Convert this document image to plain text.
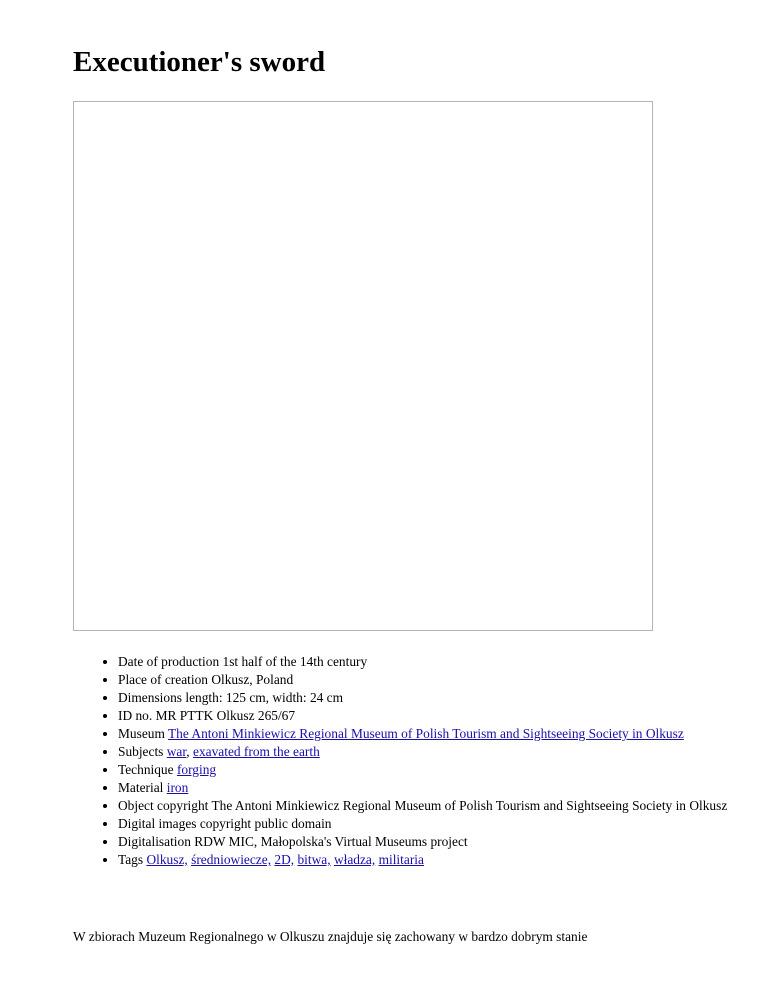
Executioner's sword
• Date of production 1st half of the 14th century
• Place of creation Olkusz, Poland
• Dimensions length: 125 cm, width: 24 cm
• ID no. MR PTTK Olkusz 265/67
• Museum The Antoni Minkiewicz Regional Museum of Polish Tourism and Sightseeing Society in Olkusz
• Subjects war, exavated from the earth
• Technique forging
• Material iron
• Object copyright The Antoni Minkiewicz Regional Museum of Polish Tourism and Sightseeing Society in Olkusz
• Digital images copyright public domain
• Digitalisation RDW MIC, Małopolska's Virtual Museums project
• Tags Olkusz, średniowiecze, 2D, bitwa, władza, militaria

W zbiorach Muzeum Regionalnego w Olkuszu znajduje się zachowany w bardzo dobrym stanie
